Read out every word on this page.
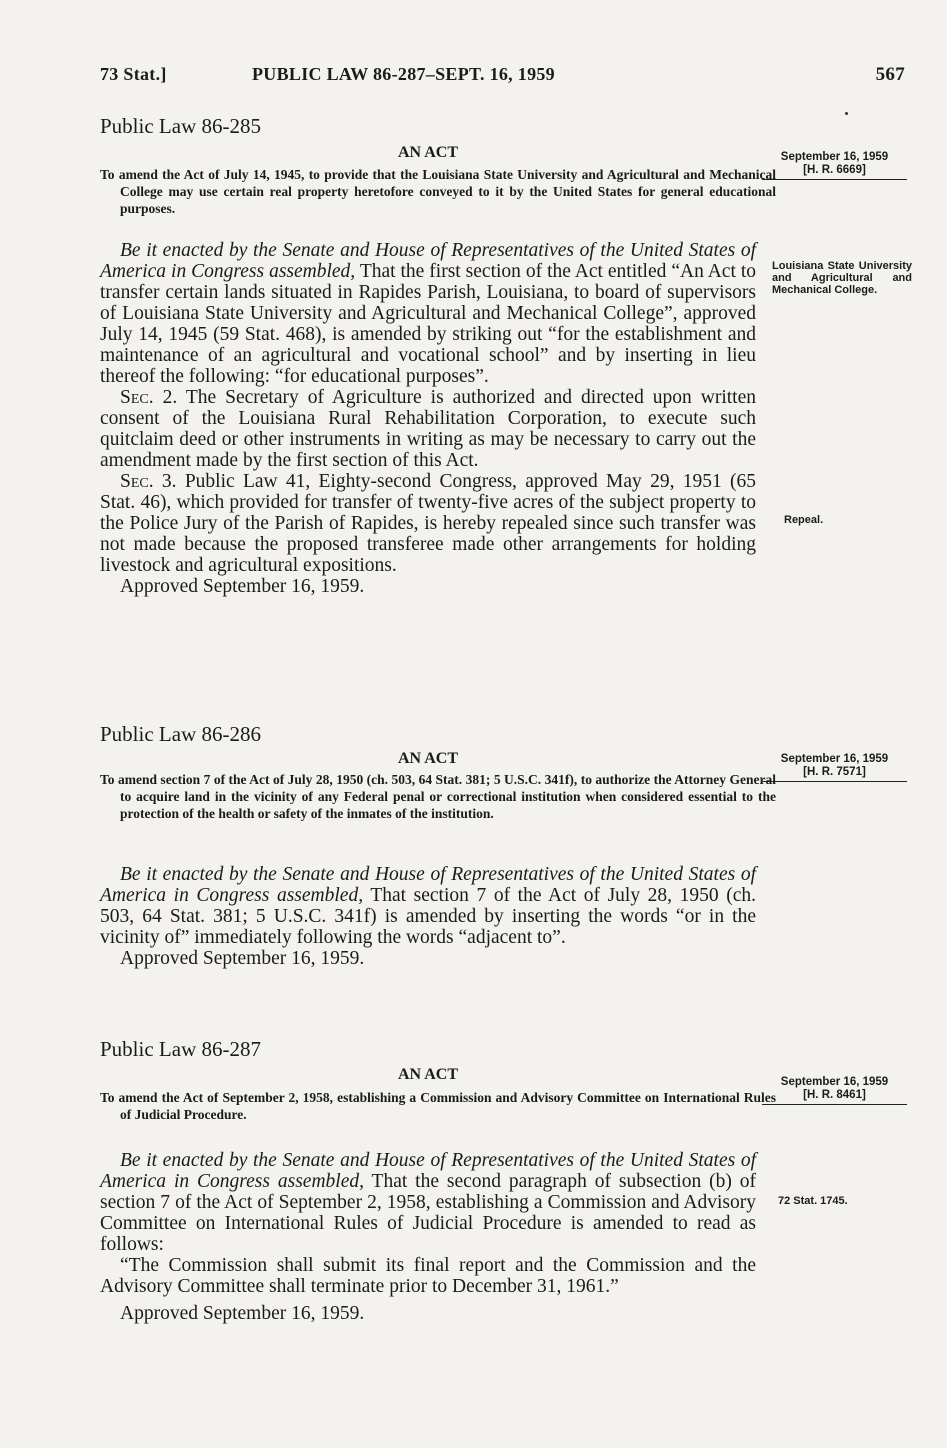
73 Stat.]	PUBLIC LAW 86-287–SEPT. 16, 1959	567
Public Law 86-285
AN ACT
To amend the Act of July 14, 1945, to provide that the Louisiana State University and Agricultural and Mechanical College may use certain real property heretofore conveyed to it by the United States for general educational purposes.
September 16, 1959
[H. R. 6669]

Be it enacted by the Senate and House of Representatives of the United States of America in Congress assembled, That the first section of the Act entitled “An Act to transfer certain lands situated in Rapides Parish, Louisiana, to board of supervisors of Louisiana State University and Agricultural and Mechanical College”, approved July 14, 1945 (59 Stat. 468), is amended by striking out “for the establishment and maintenance of an agricultural and vocational school” and by inserting in lieu thereof the following: “for educational purposes”.

Sec. 2. The Secretary of Agriculture is authorized and directed upon written consent of the Louisiana Rural Rehabilitation Corporation, to execute such quitclaim deed or other instruments in writing as may be necessary to carry out the amendment made by the first section of this Act.

Sec. 3. Public Law 41, Eighty-second Congress, approved May 29, 1951 (65 Stat. 46), which provided for transfer of twenty-five acres of the subject property to the Police Jury of the Parish of Rapides, is hereby repealed since such transfer was not made because the proposed transferee made other arrangements for holding livestock and agricultural expositions.

Approved September 16, 1959.
Louisiana State University and Agricultural and Mechanical College.
Repeal.
Public Law 86-286
AN ACT
To amend section 7 of the Act of July 28, 1950 (ch. 503, 64 Stat. 381; 5 U.S.C. 341f), to authorize the Attorney General to acquire land in the vicinity of any Federal penal or correctional institution when considered essential to the protection of the health or safety of the inmates of the institution.
September 16, 1959
[H. R. 7571]

Be it enacted by the Senate and House of Representatives of the United States of America in Congress assembled, That section 7 of the Act of July 28, 1950 (ch. 503, 64 Stat. 381; 5 U.S.C. 341f) is amended by inserting the words “or in the vicinity of” immediately following the words “adjacent to”.

Approved September 16, 1959.
Public Law 86-287
AN ACT
To amend the Act of September 2, 1958, establishing a Commission and Advisory Committee on International Rules of Judicial Procedure.
September 16, 1959
[H. R. 8461]

Be it enacted by the Senate and House of Representatives of the United States of America in Congress assembled, That the second paragraph of subsection (b) of section 7 of the Act of September 2, 1958, establishing a Commission and Advisory Committee on International Rules of Judicial Procedure is amended to read as follows:

“The Commission shall submit its final report and the Commission and the Advisory Committee shall terminate prior to December 31, 1961.”

Approved September 16, 1959.
72 Stat. 1745.
